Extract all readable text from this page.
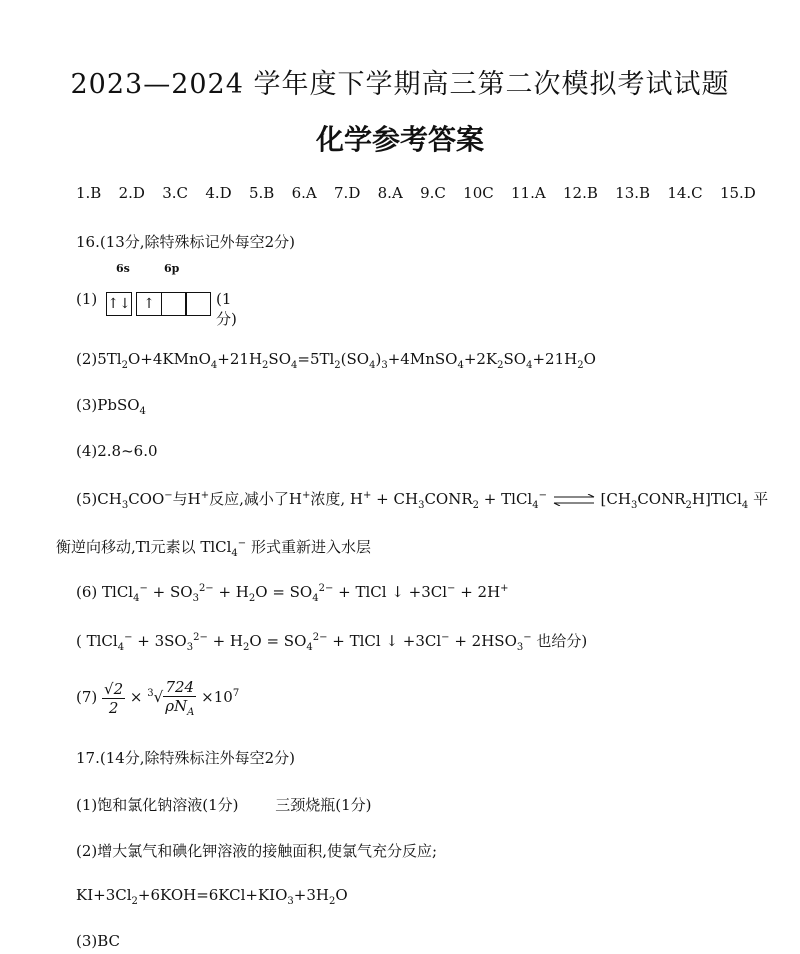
2023—2024 学年度下学期高三第二次模拟考试试题
化学参考答案
1.B 2.D 3.C 4.D 5.B 6.A 7.D 8.A 9.C 10C 11.A 12.B 13.B 14.C 15.D
16.(13分,除特殊标记外每空2分)
(1)
6s	6p
↑↓ ↑	(1分)
$(2)5Tl_2O+4KMnO_4+21H_2SO_4=5Tl_2(SO_4)_3+4MnSO_4+2K_2SO_4+21H_2O$
(3)PbSO$_4$
(4)2.8~6.0
$(5)CH_3COO^-$与H+反应,减小了H+浓度, $H^+ + CH_3CONR_2$ + TlCl$_4$− ⇌ $[CH_3CONR_2H]TlCl_4$ 平
衡逆向移动,Tl元素以 TlCl$_4$− 形式重新进入水层
(6) TlCl$_4$− + $SO_3^{2-} + H_2O = SO_4^{2-}$ + TlCl ↓ +3Cl− + 2H+
( TlCl$_4$− + $3SO_3^{2-} + H_2O = SO_4^{2-}$ + TlCl ↓ $+3Cl^- + 2HSO_3^-$ 也给分)
$(7) \frac{√2}{2} \times ^3√ \frac{724}{\rho N_A} \times 10^7$
17.(14分,除特殊标注外每空2分)
(1)饱和氯化钠溶液(1分) 三颈烧瓶(1分)
(2)增大氯气和碘化钾溶液的接触面积,使氯气充分反应;
$KI+3Cl_2+6KOH=6KCl+KIO_3+3H_2O$
(3)BC
